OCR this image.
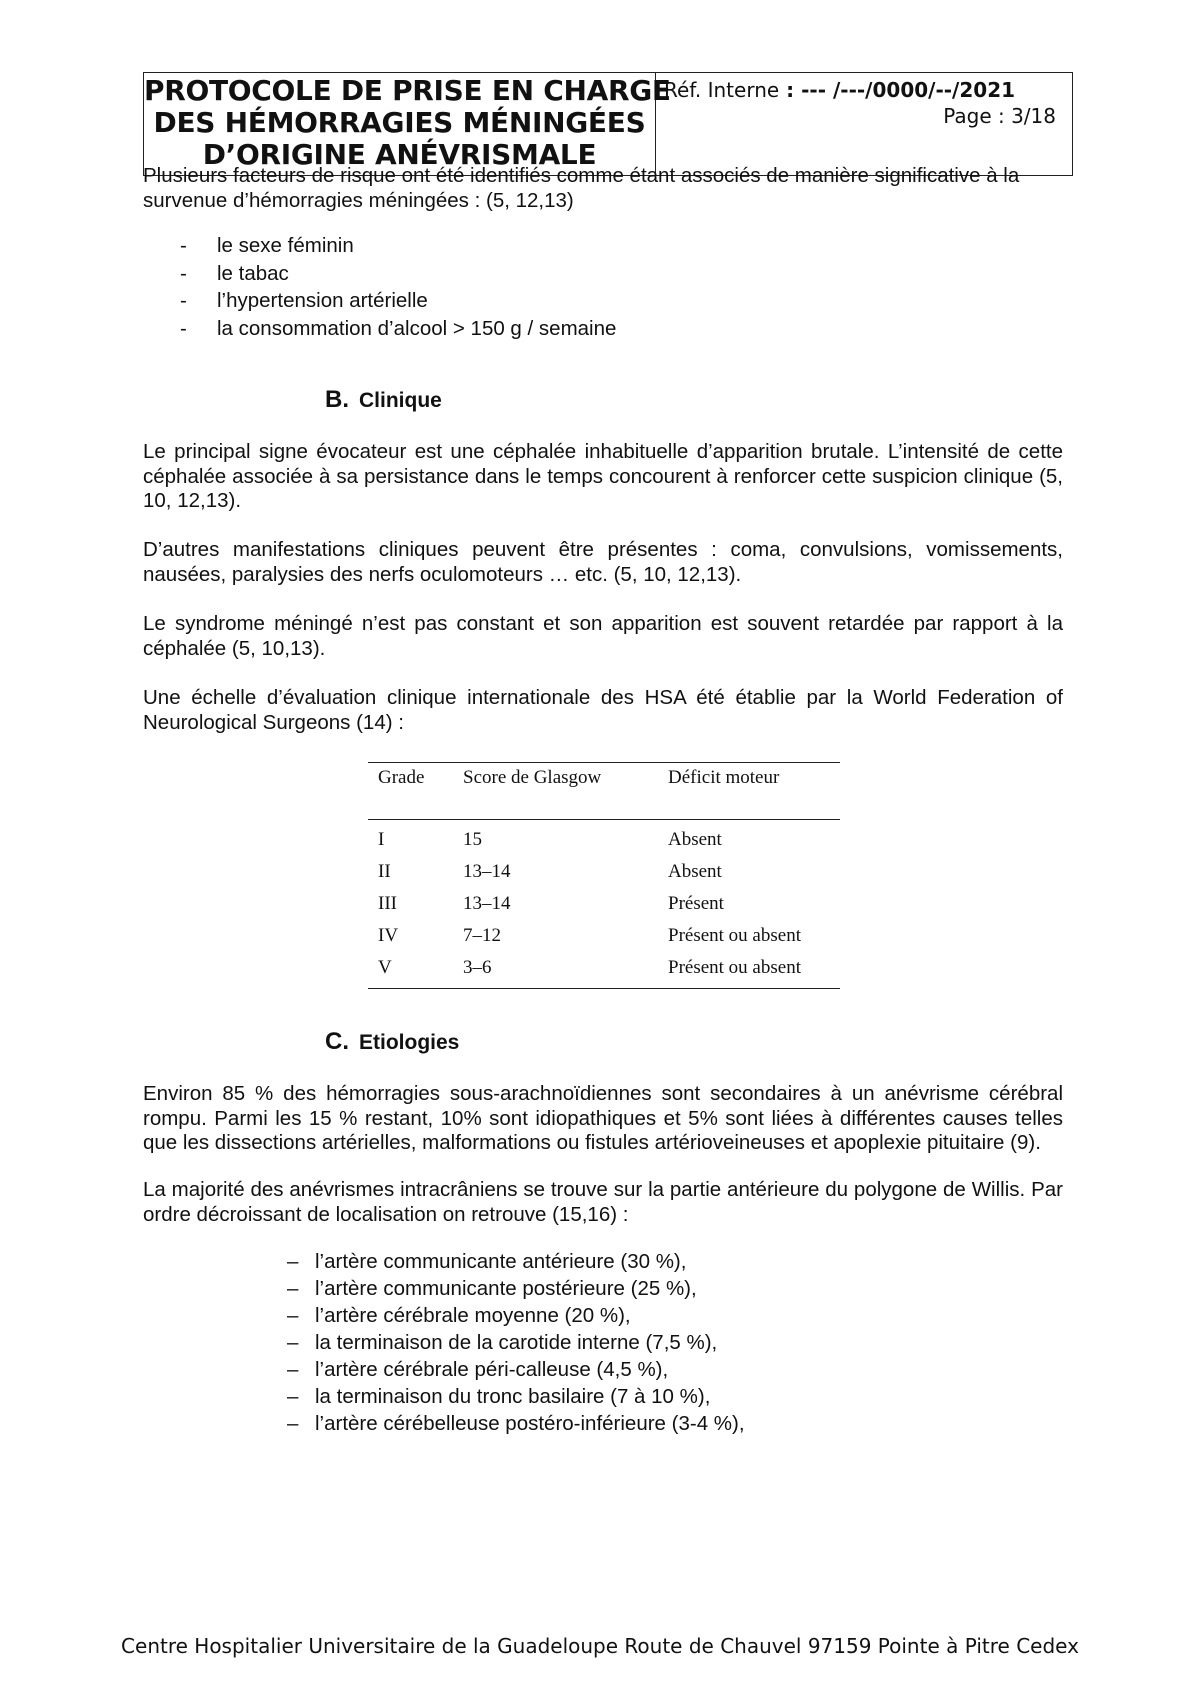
PROTOCOLE DE PRISE EN CHARGE
DES HÉMORRAGIES MÉNINGÉES
D’ORIGINE ANÉVRISMALE
Réf. Interne : --- /---/0000/--/2021
Page : 3/18

Plusieurs facteurs de risque ont été identifiés comme étant associés de manière significative à la survenue d’hémorragies méningées : (5, 12,13)

- le sexe féminin
- le tabac
- l’hypertension artérielle
- la consommation d’alcool > 150 g / semaine
B. Clinique

Le principal signe évocateur est une céphalée inhabituelle d’apparition brutale. L’intensité de cette céphalée associée à sa persistance dans le temps concourent à renforcer cette suspicion clinique (5, 10, 12,13).

D’autres manifestations cliniques peuvent être présentes : coma, convulsions, vomissements, nausées, paralysies des nerfs oculomoteurs … etc. (5, 10, 12,13).

Le syndrome méningé n’est pas constant et son apparition est souvent retardée par rapport à la céphalée (5, 10,13).

Une échelle d’évaluation clinique internationale des HSA été établie par la World Federation of Neurological Surgeons (14) :

Grade	Score de Glasgow	Déficit moteur
I	15	Absent
II	13–14	Absent
III	13–14	Présent
IV	7–12	Présent ou absent
V	3–6	Présent ou absent
C. Etiologies

Environ 85 % des hémorragies sous-arachnoïdiennes sont secondaires à un anévrisme cérébral rompu. Parmi les 15 % restant, 10% sont idiopathiques et 5% sont liées à différentes causes telles que les dissections artérielles, malformations ou fistules artérioveineuses et apoplexie pituitaire (9).

La majorité des anévrismes intracrâniens se trouve sur la partie antérieure du polygone de Willis. Par ordre décroissant de localisation on retrouve (15,16) :

– l’artère communicante antérieure (30 %),
– l’artère communicante postérieure (25 %),
– l’artère cérébrale moyenne (20 %),
– la terminaison de la carotide interne (7,5 %),
– l’artère cérébrale péri-calleuse (4,5 %),
– la terminaison du tronc basilaire (7 à 10 %),
– l’artère cérébelleuse postéro-inférieure (3-4 %),
Centre Hospitalier Universitaire de la Guadeloupe Route de Chauvel 97159 Pointe à Pitre Cedex
